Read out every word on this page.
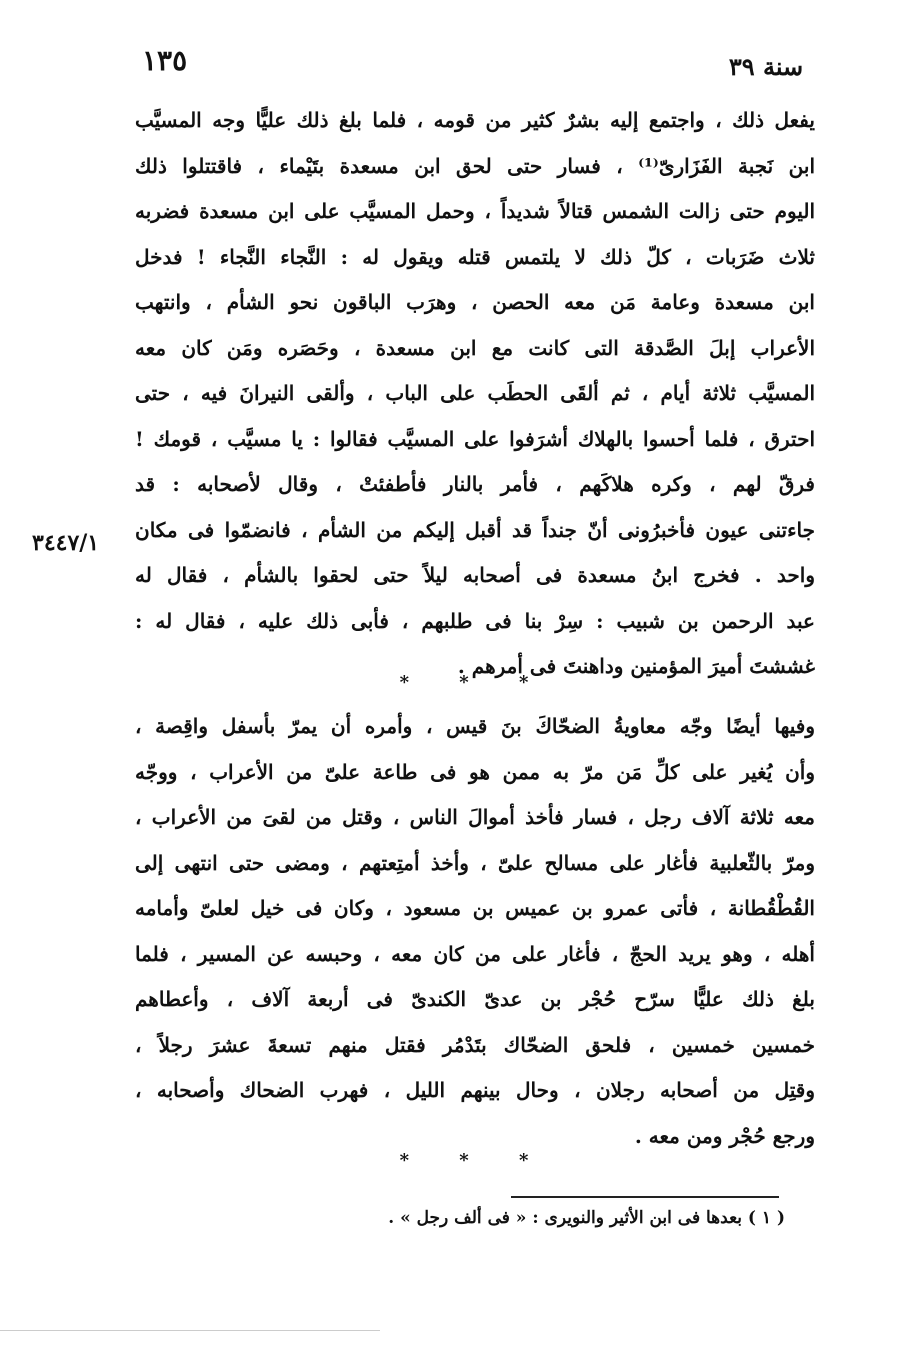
١٣٥	سنة ٣٩
٣٤٤٧/١
يفعل ذلك ، واجتمع إليه بشرٌ كثير من قومه ، فلما بلغ ذلك عليًّا وجه المسيَّب
ابن نَجبة الفَزَارىّ⁽¹⁾ ، فسار حتى لحق ابن مسعدة بتَيْماء ، فاقتتلوا ذلك
اليوم حتى زالت الشمس قتالاً شديداً ، وحمل المسيَّب على ابن مسعدة فضربه
ثلاث ضَرَبات ، كلّ ذلك لا يلتمس قتله ويقول له : النَّجاء النَّجاء ! فدخل
ابن مسعدة وعامة مَن معه الحصن ، وهرَب الباقون نحو الشأم ، وانتهب
الأعراب إبلَ الصَّدقة التى كانت مع ابن مسعدة ، وحَصَره ومَن كان معه
المسيَّب ثلاثة أيام ، ثم ألقَى الحطَب على الباب ، وألقى النيرانَ فيه ، حتى
احترق ، فلما أحسوا بالهلاك أشرَفوا على المسيَّب فقالوا : يا مسيَّب ، قومك !
فرقّ لهم ، وكره هلاكَهم ، فأمر بالنار فأطفئتْ ، وقال لأصحابه : قد
جاءتنى عيون فأخبرُونى أنّ جنداً قد أقبل إليكم من الشأم ، فانضمّوا فى مكان
واحد . فخرج ابنُ مسعدة فى أصحابه ليلاً حتى لحقوا بالشأم ، فقال له
عبد الرحمن بن شبيب : سِرْ بنا فى طلبهم ، فأبى ذلك عليه ، فقال له :
غششتَ أميرَ المؤمنين وداهنتَ فى أمرهم .
* * *
وفيها أيضًا وجّه معاويةُ الضحّاكَ بنَ قيس ، وأمره أن يمرّ بأسفل واقِصة ،
وأن يُغير على كلِّ مَن مرّ به ممن هو فى طاعة علىّ من الأعراب ، ووجّه
معه ثلاثة آلاف رجل ، فسار فأخذ أموالَ الناس ، وقتل من لقىَ من الأعراب ،
ومرّ بالثّعلبية فأغار على مسالح علىّ ، وأخذ أمتِعتهم ، ومضى حتى انتهى إلى
القُطْقُطانة ، فأتى عمرو بن عميس بن مسعود ، وكان فى خيل لعلىّ وأمامه
أهله ، وهو يريد الحجّ ، فأغار على من كان معه ، وحبسه عن المسير ، فلما
بلغ ذلك عليًّا سرّح حُجْر بن عدىّ الكندىّ فى أربعة آلاف ، وأعطاهم
خمسين خمسين ، فلحق الضحّاك بتَدْمُر فقتل منهم تسعةَ عشرَ رجلاً ،
وقتِل من أصحابه رجلان ، وحال بينهم الليل ، فهرب الضحاك وأصحابه ،
ورجع حُجْر ومن معه .
* * *
( ١ ) بعدها فى ابن الأثير والنويرى : « فى ألف رجل » .
